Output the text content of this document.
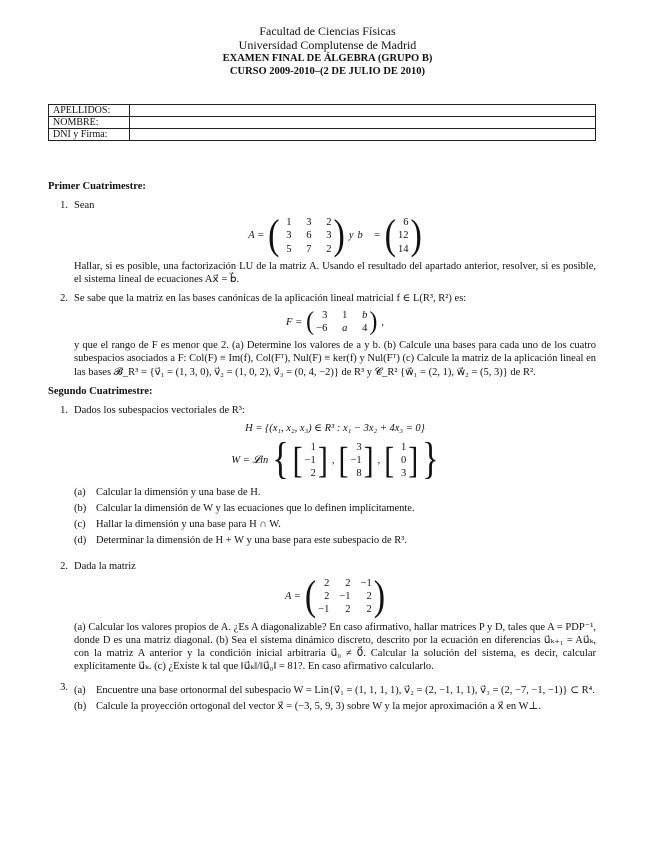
Facultad de Ciencias Físicas
Universidad Complutense de Madrid
EXAMEN FINAL DE ÁLGEBRA (GRUPO B)
CURSO 2009-2010–(2 DE JULIO DE 2010)
APELLIDOS:	
NOMBRE:	
DNI y Firma:	
Primer Cuatrimestre:
1. Sean
A = ( 1	3	2
3	6	3
5	7	2 ) y b⃗ = ( 6
12
14 )
Hallar, si es posible, una factorización LU de la matriz A. Usando el resultado del apartado anterior, resolver, si es posible, el sistema lineal de ecuaciones Ax⃗ = b⃗.
2. Se sabe que la matriz en las bases canónicas de la aplicación lineal matricial f ∈ L(R³, R²) es:
F = ( 3	1	b
−6	a	4 ) ,
y que el rango de F es menor que 2. (a) Determine los valores de a y b. (b) Calcule una bases para cada uno de los cuatro subespacios asociados a F: Col(F) ≡ Im(f), Col(Fᵀ), Nul(F) ≡ ker(f) y Nul(Fᵀ) (c) Calcule la matriz de la aplicación lineal en las bases 𝓑_R³ = {v⃗₁ = (1, 3, 0), v⃗₂ = (1, 0, 2), v⃗₃ = (0, 4, −2)} de R³ y 𝓒_R² {w⃗₁ = (2, 1), w⃗₂ = (5, 3)} de R².
Segundo Cuatrimestre:
1. Dados los subespacios vectoriales de R³:
H = {(x₁, x₂, x₃) ∈ R³ : x₁ − 3x₂ + 4x₃ = 0}
W = 𝓛in { [ 1
−1
2 ] , [ 3
−1
8 ] , [ 1
0
3 ] }
(a) Calcular la dimensión y una base de H.
(b) Calcular la dimensión de W y las ecuaciones que lo definen implícitamente.
(c) Hallar la dimensión y una base para H ∩ W.
(d) Determinar la dimensión de H + W y una base para este subespacio de R³.
2. Dada la matriz
A = ( 2	2 −1
2 −1	2
−1	2	2 )
(a) Calcular los valores propios de A. ¿Es A diagonalizable? En caso afirmativo, hallar matrices P y D, tales que A = PDP⁻¹, donde D es una matriz diagonal. (b) Sea el sistema dinámico discreto, descrito por la ecuación en diferencias u⃗ₖ₊₁ = Au⃗ₖ, con la matriz A anterior y la condición inicial arbitraria u⃗₀ ≠ 0⃗. Calcular la solución del sistema, es decir, calcular explícitamente u⃗ₖ. (c) ¿Existe k tal que ‖u⃗ₖ‖/‖u⃗₀‖ = 81?. En caso afirmativo calcularlo.
3. (a) Encuentre una base ortonormal del subespacio W = Lin{v⃗₁ = (1, 1, 1, 1), v⃗₂ = (2, −1, 1, 1), v⃗₃ = (2, −7, −1, −1)} ⊂ R⁴.
(b) Calcule la proyección ortogonal del vector x⃗ = (−3, 5, 9, 3) sobre W y la mejor aproximación a x⃗ en W⊥.
